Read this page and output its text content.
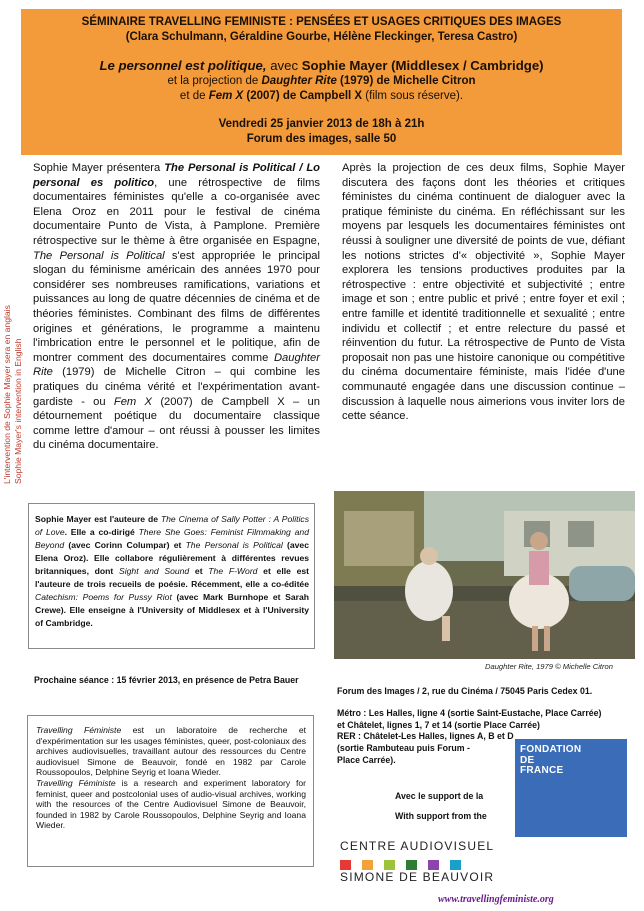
SÉMINAIRE TRAVELLING FEMINISTE : PENSÉES ET USAGES CRITIQUES DES IMAGES
(Clara Schulmann, Géraldine Gourbe, Hélène Fleckinger, Teresa Castro)
Le personnel est politique, avec Sophie Mayer (Middlesex / Cambridge)
et la projection de Daughter Rite (1979) de Michelle Citron
et de Fem X (2007) de Campbell X (film sous réserve).
Vendredi 25 janvier 2013 de 18h à 21h
Forum des images, salle 50
Sophie Mayer présentera The Personal is Political / Lo personal es politico, une rétrospective de films documentaires féministes qu'elle a co-organisée avec Elena Oroz en 2011 pour le festival de cinéma documentaire Punto de Vista, à Pamplone. Première rétrospective sur le thème à être organisée en Espagne, The Personal is Political s'est appropriée le principal slogan du féminisme américain des années 1970 pour considérer ses nombreuses ramifications, variations et puissances au long de quatre décennies de cinéma et de théories féministes. Combinant des films de différentes origines et générations, le programme a maintenu l'imbrication entre le personnel et le politique, afin de montrer comment des documentaires comme Daughter Rite (1979) de Michelle Citron – qui combine les pratiques du cinéma vérité et l'expérimentation avant-gardiste - ou Fem X (2007) de Campbell X – un détournement poétique du documentaire classique comme lettre d'amour – ont réussi à pousser les limites du cinéma documentaire.
Après la projection de ces deux films, Sophie Mayer discutera des façons dont les théories et critiques féministes du cinéma continuent de dialoguer avec la pratique féministe du cinéma. En réfléchissant sur les moyens par lesquels les documentaires féministes ont réussi à souligner une diversité de points de vue, défiant les notions strictes d'« objectivité », Sophie Mayer explorera les tensions productives produites par la rétrospective : entre objectivité et subjectivité ; entre image et son ; entre public et privé ; entre foyer et exil ; entre famille et identité traditionnelle et sexualité ; entre individu et collectif ; et entre relecture du passé et réinvention du futur. La rétrospective de Punto de Vista proposait non pas une histoire canonique ou compétitive du cinéma documentaire féministe, mais l'idée d'une communauté engagée dans une discussion continue – discussion à laquelle nous aimerions vous inviter lors de cette séance.
L'intervention de Sophie Mayer sera en anglais Sophie Mayer's intervention in English
Sophie Mayer est l'auteure de The Cinema of Sally Potter : A Politics of Love. Elle a co-dirigé There She Goes: Feminist Filmmaking and Beyond (avec Corinn Columpar) et The Personal is Political (avec Elena Oroz). Elle collabore régulièrement à différentes revues britanniques, dont Sight and Sound et The F-Word et elle est l'auteure de trois recueils de poésie. Récemment, elle a co-éditée Catechism: Poems for Pussy Riot (avec Mark Burnhope et Sarah Crewe). Elle enseigne à l'University of Middlesex et à l'University of Cambridge.
Prochaine séance : 15 février 2013, en présence de Petra Bauer
Travelling Féministe est un laboratoire de recherche et d'expérimentation sur les usages féministes, queer, post-coloniaux des archives audiovisuelles, travaillant autour des ressources du Centre audiovisuel Simone de Beauvoir, fondé en 1982 par Carole Roussopoulos, Delphine Seyrig et Ioana Wieder.
Travelling Féministe is a research and experiment laboratory for feminist, queer and postcolonial uses of audio-visual archives, working with the resources of the Centre Audiovisuel Simone de Beauvoir, founded in 1982 by Carole Roussopoulos, Delphine Seyrig and Ioana Wieder.
Daughter Rite, 1979 © Michelle Citron
Forum des Images / 2, rue du Cinéma / 75045 Paris Cedex 01.
Métro : Les Halles, ligne 4 (sortie Saint-Eustache, Place Carrée)
et Châtelet, lignes 1, 7 et 14 (sortie Place Carrée)
RER : Châtelet-Les Halles, lignes A, B et D
(sortie Rambuteau puis Forum -
Place Carrée).
Avec le support de la
With support from the
FONDATION
DE
FRANCE
CENTRE AUDIOVISUEL
SIMONE DE BEAUVOIR
www.travellingfeministe.org
